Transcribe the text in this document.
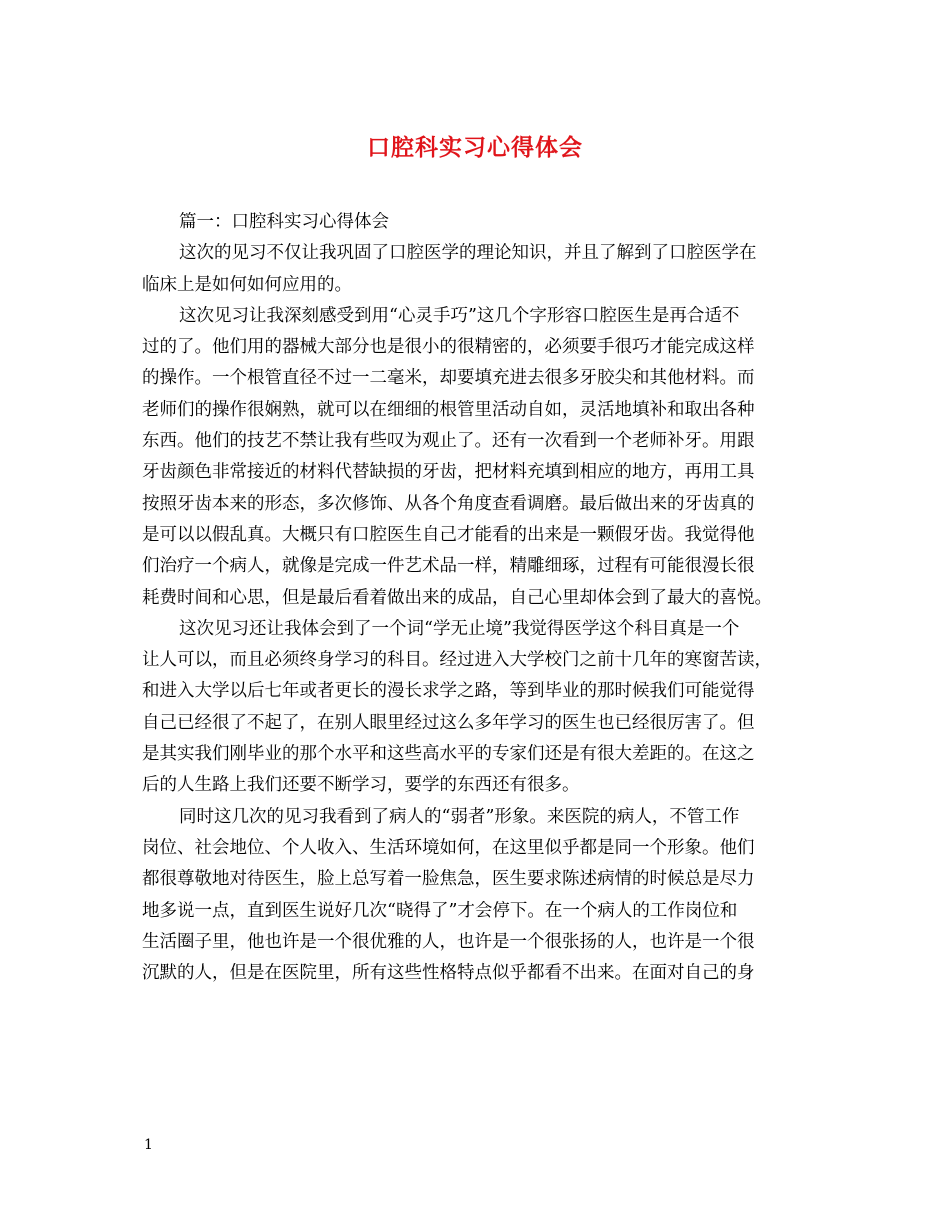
口腔科实习心得体会
篇一：口腔科实习心得体会
这次的见习不仅让我巩固了口腔医学的理论知识，并且了解到了口腔医学在
临床上是如何如何应用的。
这次见习让我深刻感受到用“心灵手巧”这几个字形容口腔医生是再合适不
过的了。他们用的器械大部分也是很小的很精密的，必须要手很巧才能完成这样
的操作。一个根管直径不过一二毫米，却要填充进去很多牙胶尖和其他材料。而
老师们的操作很娴熟，就可以在细细的根管里活动自如，灵活地填补和取出各种
东西。他们的技艺不禁让我有些叹为观止了。还有一次看到一个老师补牙。用跟
牙齿颜色非常接近的材料代替缺损的牙齿，把材料充填到相应的地方，再用工具
按照牙齿本来的形态，多次修饰、从各个角度查看调磨。最后做出来的牙齿真的
是可以以假乱真。大概只有口腔医生自己才能看的出来是一颗假牙齿。我觉得他
们治疗一个病人，就像是完成一件艺术品一样，精雕细琢，过程有可能很漫长很
耗费时间和心思，但是最后看着做出来的成品，自己心里却体会到了最大的喜悦。
这次见习还让我体会到了一个词“学无止境”我觉得医学这个科目真是一个
让人可以，而且必须终身学习的科目。经过进入大学校门之前十几年的寒窗苦读，
和进入大学以后七年或者更长的漫长求学之路，等到毕业的那时候我们可能觉得
自己已经很了不起了，在别人眼里经过这么多年学习的医生也已经很厉害了。但
是其实我们刚毕业的那个水平和这些高水平的专家们还是有很大差距的。在这之
后的人生路上我们还要不断学习，要学的东西还有很多。
同时这几次的见习我看到了病人的“弱者”形象。来医院的病人，不管工作
岗位、社会地位、个人收入、生活环境如何，在这里似乎都是同一个形象。他们
都很尊敬地对待医生，脸上总写着一脸焦急，医生要求陈述病情的时候总是尽力
地多说一点，直到医生说好几次“晓得了”才会停下。在一个病人的工作岗位和
生活圈子里，他也许是一个很优雅的人，也许是一个很张扬的人，也许是一个很
沉默的人，但是在医院里，所有这些性格特点似乎都看不出来。在面对自己的身
1
